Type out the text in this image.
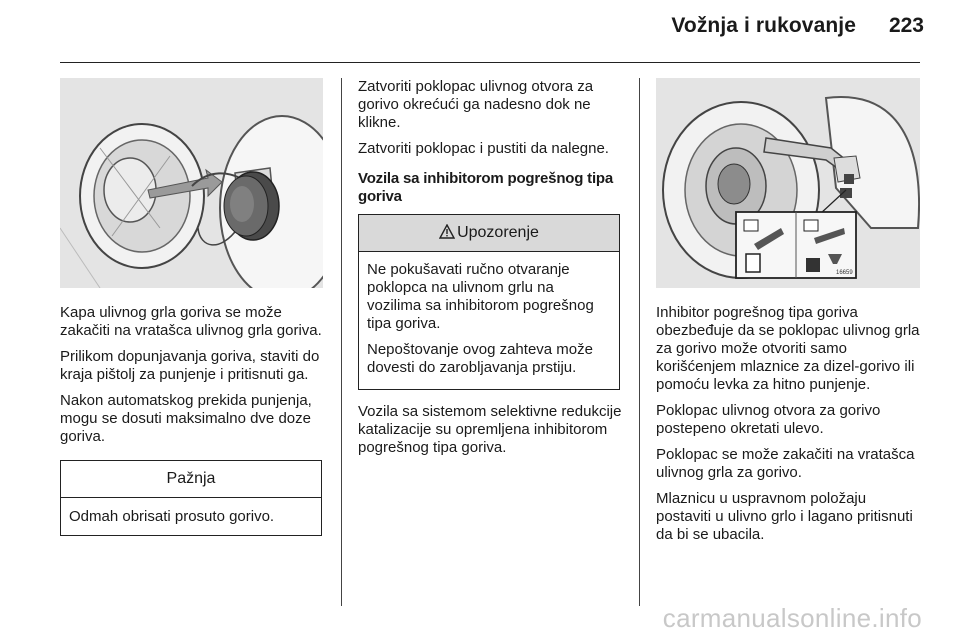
Vožnja i rukovanje 223

Kapa ulivnog grla goriva se može zakačiti na vratašca ulivnog grla goriva.

Prilikom dopunjavanja goriva, staviti do kraja pištolj za punjenje i pritisnuti ga.

Nakon automatskog prekida punjenja, mogu se dosuti maksimalno dve doze goriva.

Pažnja
Odmah obrisati prosuto gorivo.

Zatvoriti poklopac ulivnog otvora za gorivo okrećući ga nadesno dok ne klikne.

Zatvoriti poklopac i pustiti da nalegne.

Vozila sa inhibitorom pogrešnog tipa goriva
Upozorenje

Ne pokušavati ručno otvaranje poklopca na ulivnom grlu na vozilima sa inhibitorom pogrešnog tipa goriva.

Nepoštovanje ovog zahteva može dovesti do zarobljavanja prstiju.

Vozila sa sistemom selektivne redukcije katalizacije su opremljena inhibitorom pogrešnog tipa goriva.

16659

Inhibitor pogrešnog tipa goriva obezbeđuje da se poklopac ulivnog grla za gorivo može otvoriti samo korišćenjem mlaznice za dizel-gorivo ili pomoću levka za hitno punjenje.

Poklopac ulivnog otvora za gorivo postepeno okretati ulevo.

Poklopac se može zakačiti na vratašca ulivnog grla za gorivo.

Mlaznicu u uspravnom položaju postaviti u ulivno grlo i lagano pritisnuti da bi se ubacila.

carmanualsonline.info
